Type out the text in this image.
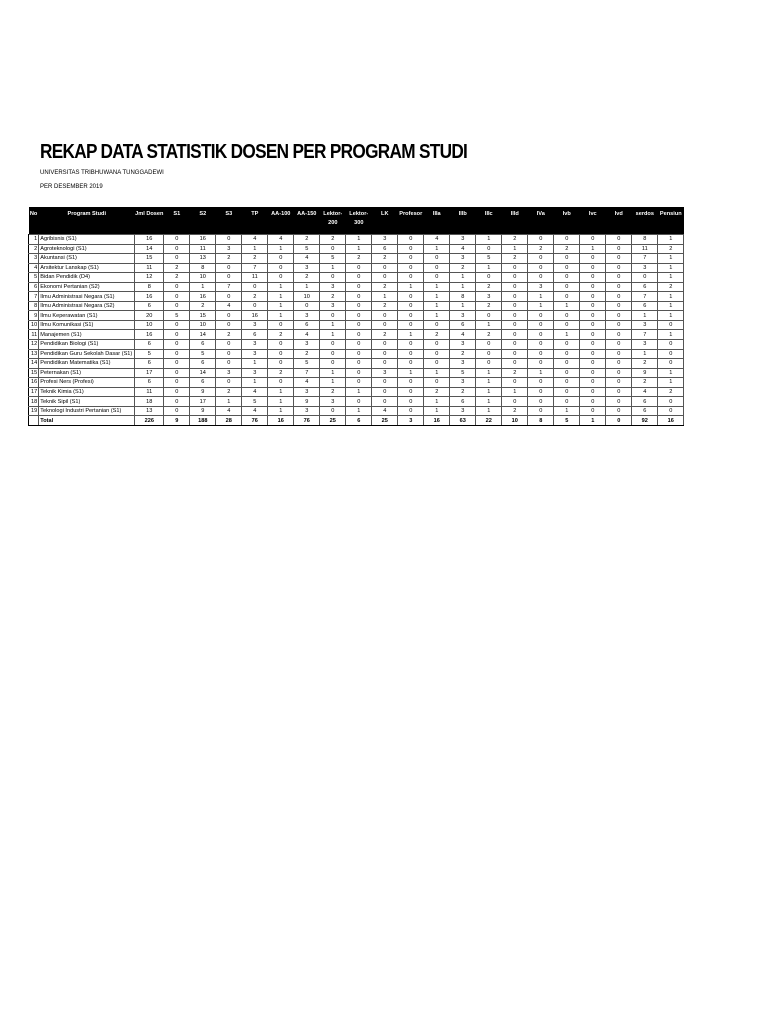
REKAP DATA STATISTIK DOSEN PER PROGRAM STUDI
UNIVERSITAS TRIBHUWANA TUNGGADEWI
PER DESEMBER 2019
No	Program Studi	Jml Dosen	S1	S2	S3	TP	AA-100	AA-150	Lektor-200	Lektor-300	LK	Profesor	IIIa	IIIb	IIIc	IIId	IVa	Ivb	Ivc	Ivd	serdos	Pensiun
1	Agribisnis (S1)	16	0	16	0	4	4	2	2	1	3	0	4	3	1	2	0	0	0	0	8	1
2	Agroteknologi (S1)	14	0	11	3	1	1	5	0	1	6	0	1	4	0	1	2	2	1	0	11	2
3	Akuntansi (S1)	15	0	13	2	2	0	4	5	2	2	0	0	3	5	2	0	0	0	0	7	1
4	Arsitektur Lanskap (S1)	11	2	8	0	7	0	3	1	0	0	0	0	2	1	0	0	0	0	0	3	1
5	Bidan Pendidik (D4)	12	2	10	0	11	0	2	0	0	0	0	0	1	0	0	0	0	0	0	0	1
6	Ekonomi Pertanian (S2)	8	0	1	7	0	1	1	3	0	2	1	1	1	2	0	3	0	0	0	6	2
7	Ilmu Administrasi Negara (S1)	16	0	16	0	2	1	10	2	0	1	0	1	8	3	0	1	0	0	0	7	1
8	Ilmu Administrasi Negara (S2)	6	0	2	4	0	1	0	3	0	2	0	1	1	2	0	1	1	0	0	6	1
9	Ilmu Keperawatan (S1)	20	5	15	0	16	1	3	0	0	0	0	1	3	0	0	0	0	0	0	1	1
10	Ilmu Komunikasi (S1)	10	0	10	0	3	0	6	1	0	0	0	0	6	1	0	0	0	0	0	3	0
11	Manajemen (S1)	16	0	14	2	6	2	4	1	0	2	1	2	4	2	0	0	1	0	0	7	1
12	Pendidikan Biologi (S1)	6	0	6	0	3	0	3	0	0	0	0	0	3	0	0	0	0	0	0	3	0
13	Pendidikan Guru Sekolah Dasar (S1)	5	0	5	0	3	0	2	0	0	0	0	0	2	0	0	0	0	0	0	1	0
14	Pendidikan Matematika (S1)	6	0	6	0	1	0	5	0	0	0	0	0	3	0	0	0	0	0	0	2	0
15	Peternakan (S1)	17	0	14	3	3	2	7	1	0	3	1	1	5	1	2	1	0	0	0	9	1
16	Profesi Ners (Profesi)	6	0	6	0	1	0	4	1	0	0	0	0	3	1	0	0	0	0	0	2	1
17	Teknik Kimia (S1)	11	0	9	2	4	1	3	2	1	0	0	2	2	1	1	0	0	0	0	4	2
18	Teknik Sipil (S1)	18	0	17	1	5	1	9	3	0	0	0	1	6	1	0	0	0	0	0	6	0
19	Teknologi Industri Pertanian (S1)	13	0	9	4	4	1	3	0	1	4	0	1	3	1	2	0	1	0	0	6	0
	Total	226	9	188	28	76	16	76	25	6	25	3	16	63	22	10	8	5	1	0	92	16
